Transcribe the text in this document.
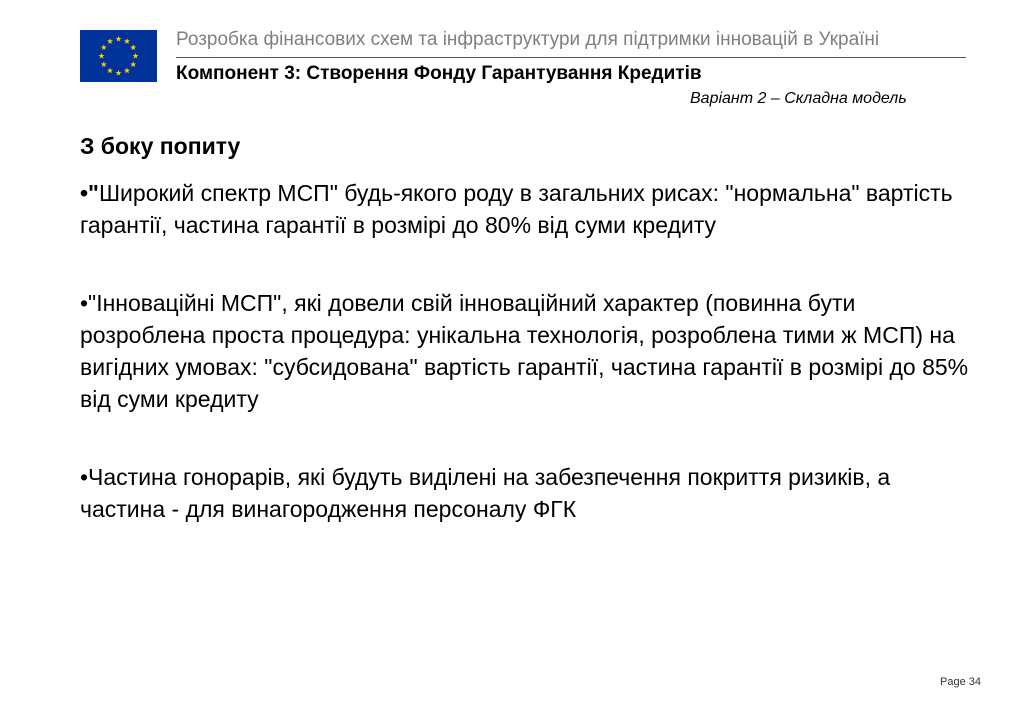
Розробка фінансових схем та інфраструктури для підтримки інновацій в Україні
Компонент 3: Створення Фонду Гарантування Кредитів
Варіант 2 – Складна модель
З боку попиту

•"Широкий спектр МСП" будь-якого роду в загальних рисах: "нормальна" вартість гарантії, частина гарантії в розмірі до 80% від суми кредиту

•"Інноваційні МСП", які довели свій інноваційний характер (повинна бути розроблена проста процедура: унікальна технологія, розроблена тими ж МСП) на вигідних умовах: "субсидована" вартість гарантії, частина гарантії в розмірі до 85% від суми кредиту

•Частина гонорарів, які будуть виділені на забезпечення покриття ризиків, а частина - для винагородження персоналу ФГК

Page 34
